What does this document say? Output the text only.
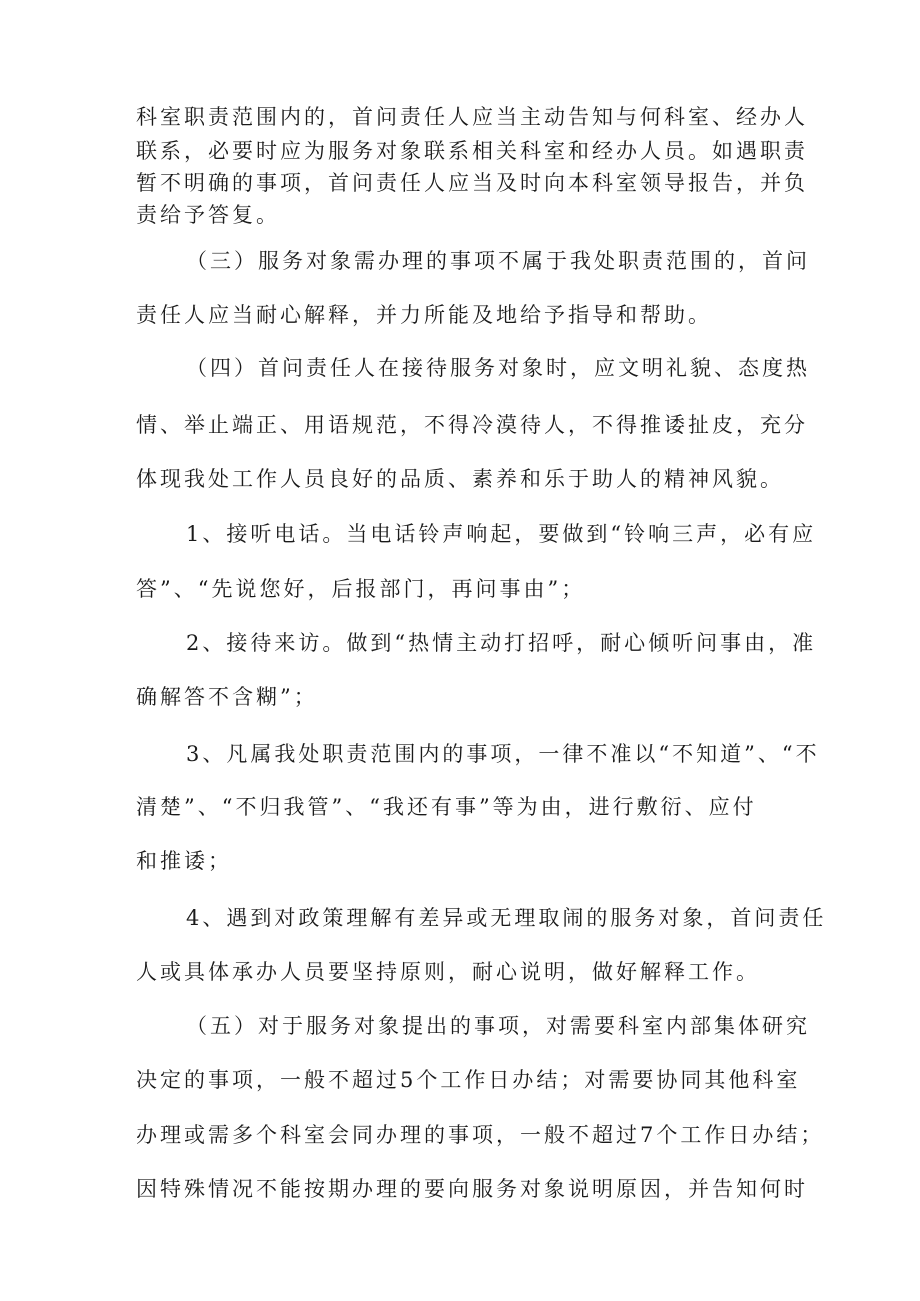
科室职责范围内的，首问责任人应当主动告知与何科室、经办人
联系，必要时应为服务对象联系相关科室和经办人员。如遇职责
暂不明确的事项，首问责任人应当及时向本科室领导报告，并负
责给予答复。
（三）服务对象需办理的事项不属于我处职责范围的，首问
责任人应当耐心解释，并力所能及地给予指导和帮助。
（四）首问责任人在接待服务对象时，应文明礼貌、态度热
情、举止端正、用语规范，不得冷漠待人，不得推诿扯皮，充分
体现我处工作人员良好的品质、素养和乐于助人的精神风貌。
1、接听电话。当电话铃声响起，要做到“铃响三声，必有应
答”、“先说您好，后报部门，再问事由”；
2、接待来访。做到“热情主动打招呼，耐心倾听问事由，准
确解答不含糊”；
3、凡属我处职责范围内的事项，一律不准以“不知道”、“不
清楚”、“不归我管”、“我还有事”等为由，进行敷衍、应付
和推诿；
4、遇到对政策理解有差异或无理取闹的服务对象，首问责任
人或具体承办人员要坚持原则，耐心说明，做好解释工作。
（五）对于服务对象提出的事项，对需要科室内部集体研究
决定的事项，一般不超过5个工作日办结；对需要协同其他科室
办理或需多个科室会同办理的事项，一般不超过7个工作日办结；
因特殊情况不能按期办理的要向服务对象说明原因，并告知何时
